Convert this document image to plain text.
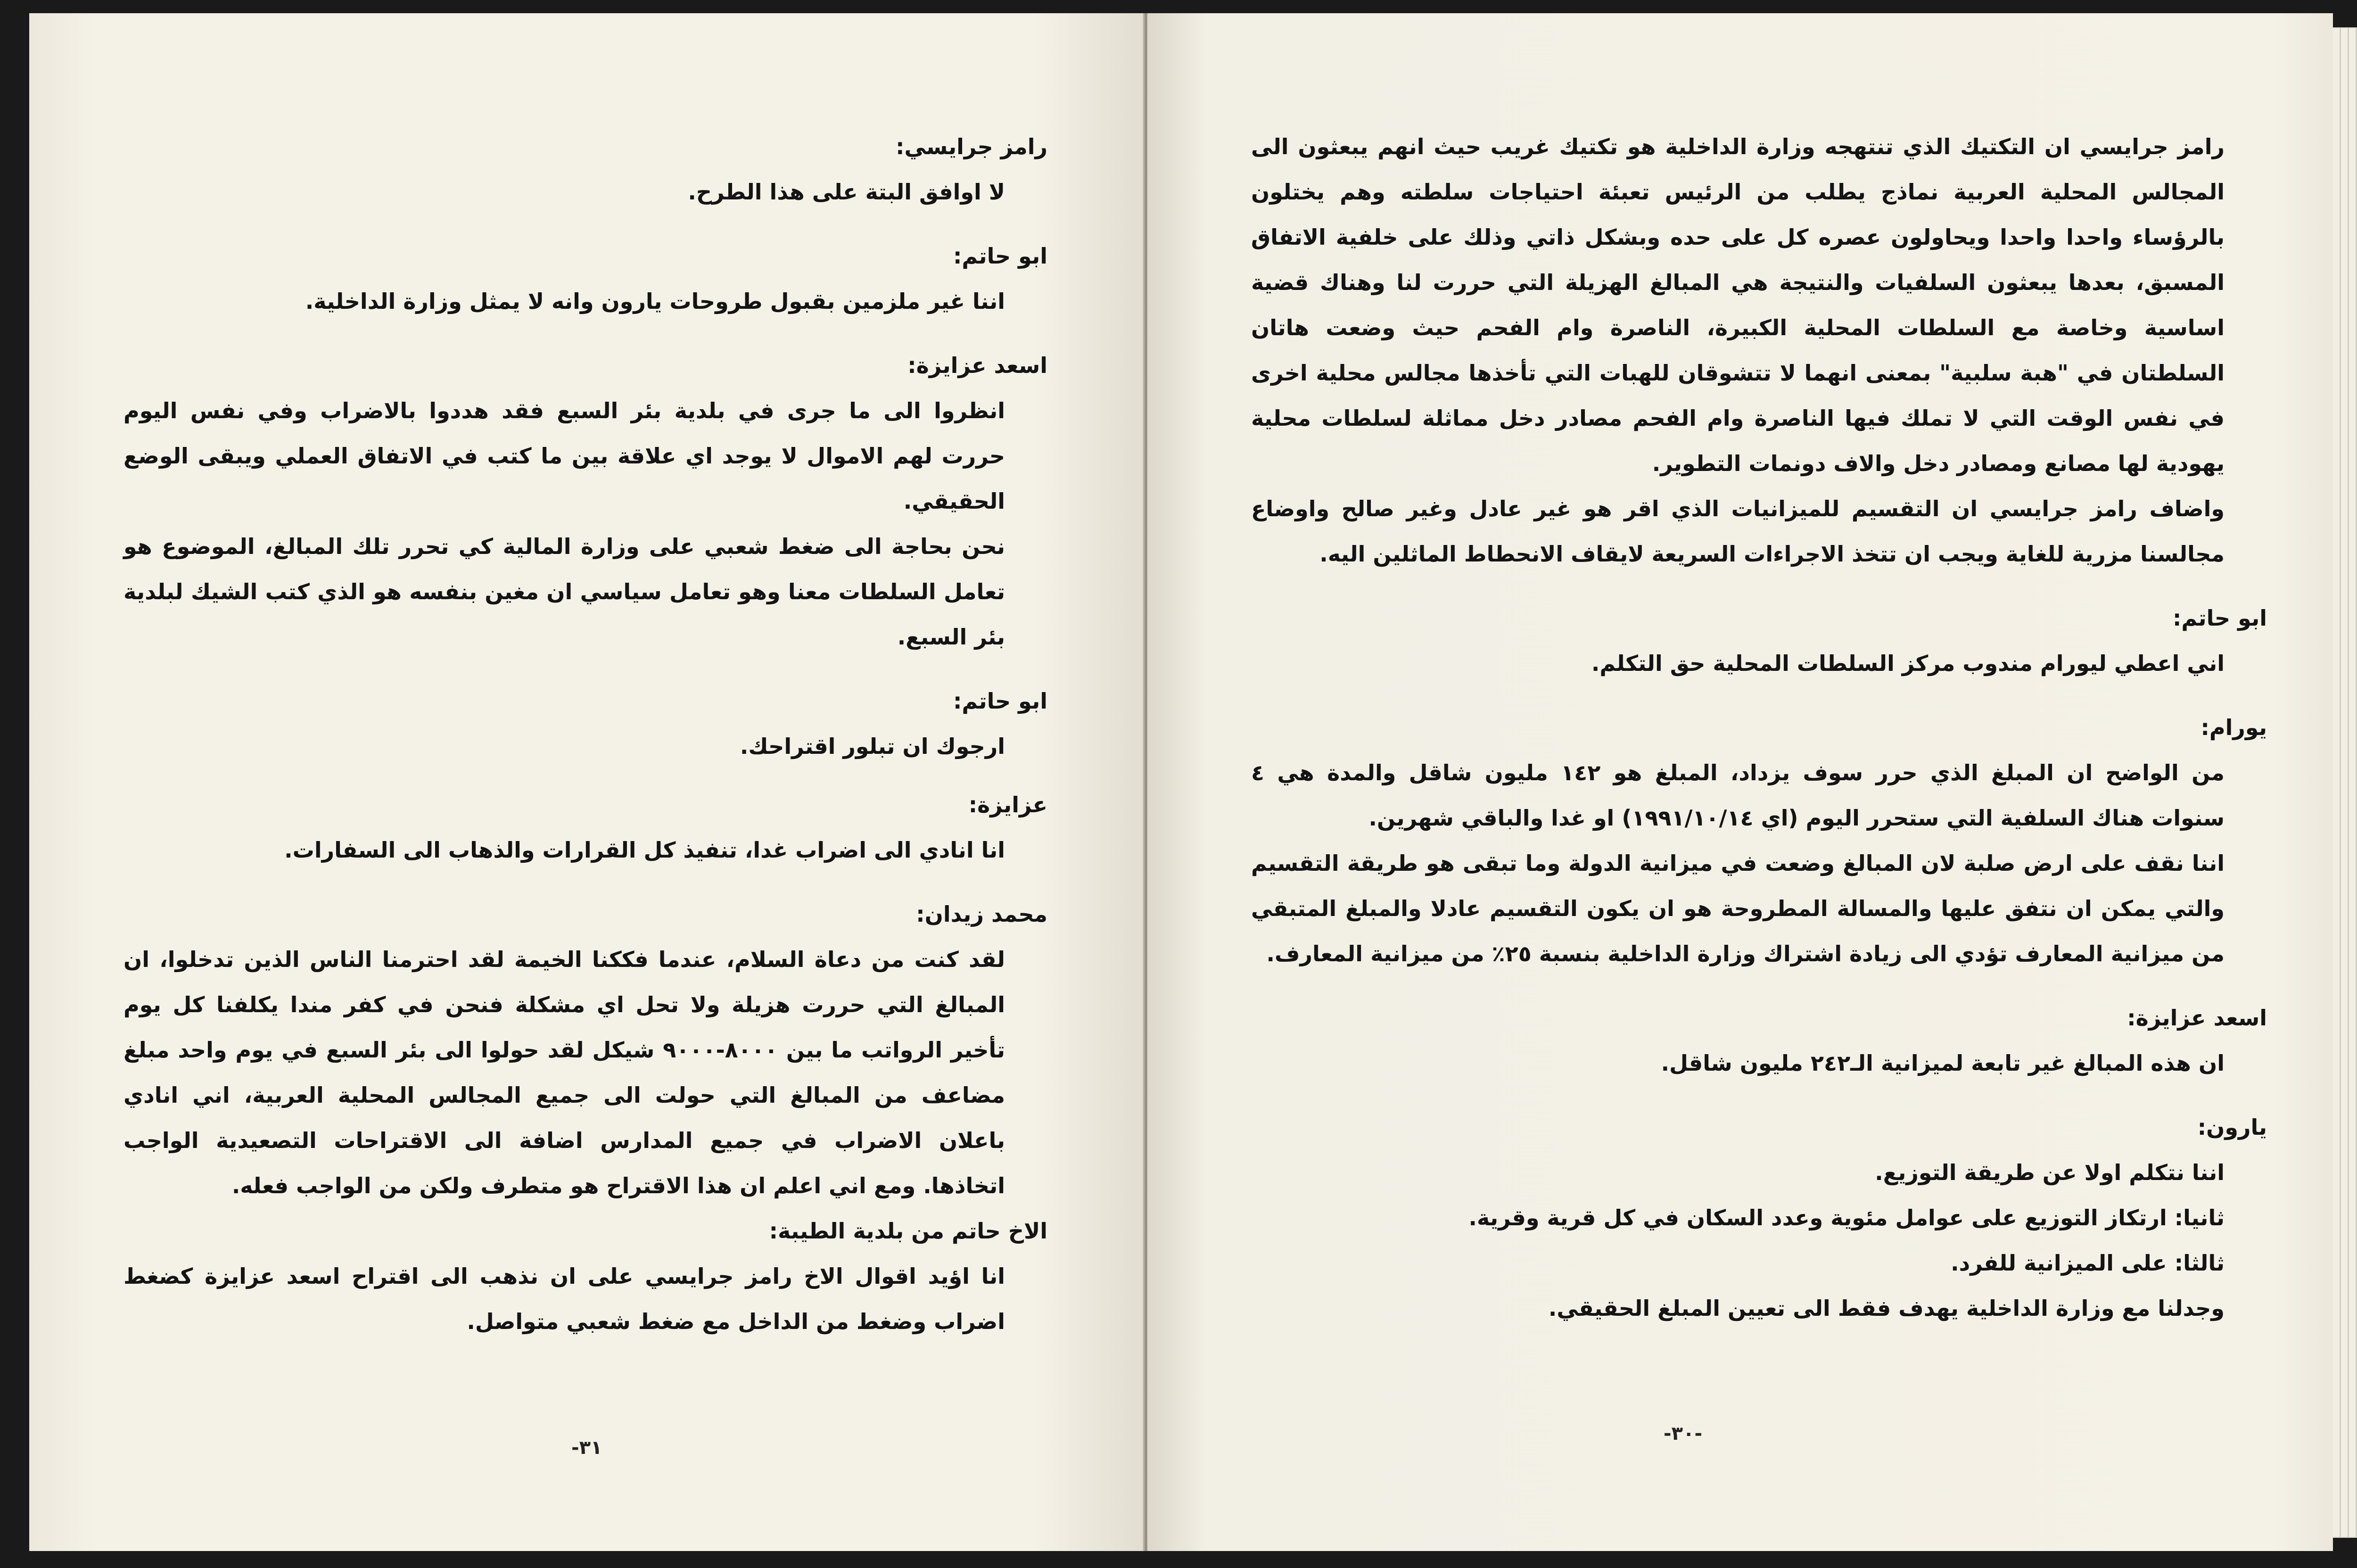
رامز جرايسي:

لا اوافق البتة على هذا الطرح.

ابو حاتم:

اننا غير ملزمين بقبول طروحات يارون وانه لا يمثل وزارة الداخلية.

اسعد عزايزة:

انظروا الى ما جرى في بلدية بئر السبع فقد هددوا بالاضراب وفي نفس اليوم حررت لهم الاموال لا يوجد اي علاقة بين ما كتب في الاتفاق العملي ويبقى الوضع الحقيقي.

نحن بحاجة الى ضغط شعبي على وزارة المالية كي تحرر تلك المبالغ، الموضوع هو تعامل السلطات معنا وهو تعامل سياسي ان مغين بنفسه هو الذي كتب الشيك لبلدية بئر السبع.

ابو حاتم:

ارجوك ان تبلور اقتراحك.

عزايزة:

انا انادي الى اضراب غدا، تنفيذ كل القرارات والذهاب الى السفارات.

محمد زيدان:

لقد كنت من دعاة السلام، عندما فككنا الخيمة لقد احترمنا الناس الذين تدخلوا، ان المبالغ التي حررت هزيلة ولا تحل اي مشكلة فنحن في كفر مندا يكلفنا كل يوم تأخير الرواتب ما بين ٨٠٠٠-٩٠٠٠ شيكل لقد حولوا الى بئر السبع في يوم واحد مبلغ مضاعف من المبالغ التي حولت الى جميع المجالس المحلية العربية، اني انادي باعلان الاضراب في جميع المدارس اضافة الى الاقتراحات التصعيدية الواجب اتخاذها. ومع اني اعلم ان هذا الاقتراح هو متطرف ولكن من الواجب فعله.

الاخ حاتم من بلدية الطيبة:

انا اؤيد اقوال الاخ رامز جرايسي على ان نذهب الى اقتراح اسعد عزايزة كضغط اضراب وضغط من الداخل مع ضغط شعبي متواصل.

٣١-

رامز جرايسي ان التكتيك الذي تنتهجه وزارة الداخلية هو تكتيك غريب حيث انهم يبعثون الى المجالس المحلية العربية نماذج يطلب من الرئيس تعبئة احتياجات سلطته وهم يختلون بالرؤساء واحدا واحدا ويحاولون عصره كل على حده وبشكل ذاتي وذلك على خلفية الاتفاق المسبق، بعدها يبعثون السلفيات والنتيجة هي المبالغ الهزيلة التي حررت لنا وهناك قضية اساسية وخاصة مع السلطات المحلية الكبيرة، الناصرة وام الفحم حيث وضعت هاتان السلطتان في "هبة سلبية" بمعنى انهما لا تتشوقان للهبات التي تأخذها مجالس محلية اخرى في نفس الوقت التي لا تملك فيها الناصرة وام الفحم مصادر دخل مماثلة لسلطات محلية يهودية لها مصانع ومصادر دخل والاف دونمات التطوير.

واضاف رامز جرايسي ان التقسيم للميزانيات الذي اقر هو غير عادل وغير صالح واوضاع مجالسنا مزرية للغاية ويجب ان تتخذ الاجراءات السريعة لايقاف الانحطاط الماثلين اليه.

ابو حاتم:

اني اعطي ليورام مندوب مركز السلطات المحلية حق التكلم.

يورام:

من الواضح ان المبلغ الذي حرر سوف يزداد، المبلغ هو ١٤٢ مليون شاقل والمدة هي ٤ سنوات هناك السلفية التي ستحرر اليوم (اي ١٩٩١/١٠/١٤) او غدا والباقي شهرين.

اننا نقف على ارض صلبة لان المبالغ وضعت في ميزانية الدولة وما تبقى هو طريقة التقسيم والتي يمكن ان نتفق عليها والمسالة المطروحة هو ان يكون التقسيم عادلا والمبلغ المتبقي من ميزانية المعارف تؤدي الى زيادة اشتراك وزارة الداخلية بنسبة ٢٥٪ من ميزانية المعارف.

اسعد عزايزة:

ان هذه المبالغ غير تابعة لميزانية الـ٢٤٢ مليون شاقل.

يارون:

اننا نتكلم اولا عن طريقة التوزيع.

ثانيا: ارتكاز التوزيع على عوامل مئوية وعدد السكان في كل قرية وقرية.

ثالثا: على الميزانية للفرد.

وجدلنا مع وزارة الداخلية يهدف فقط الى تعيين المبلغ الحقيقي.

-٣٠-
